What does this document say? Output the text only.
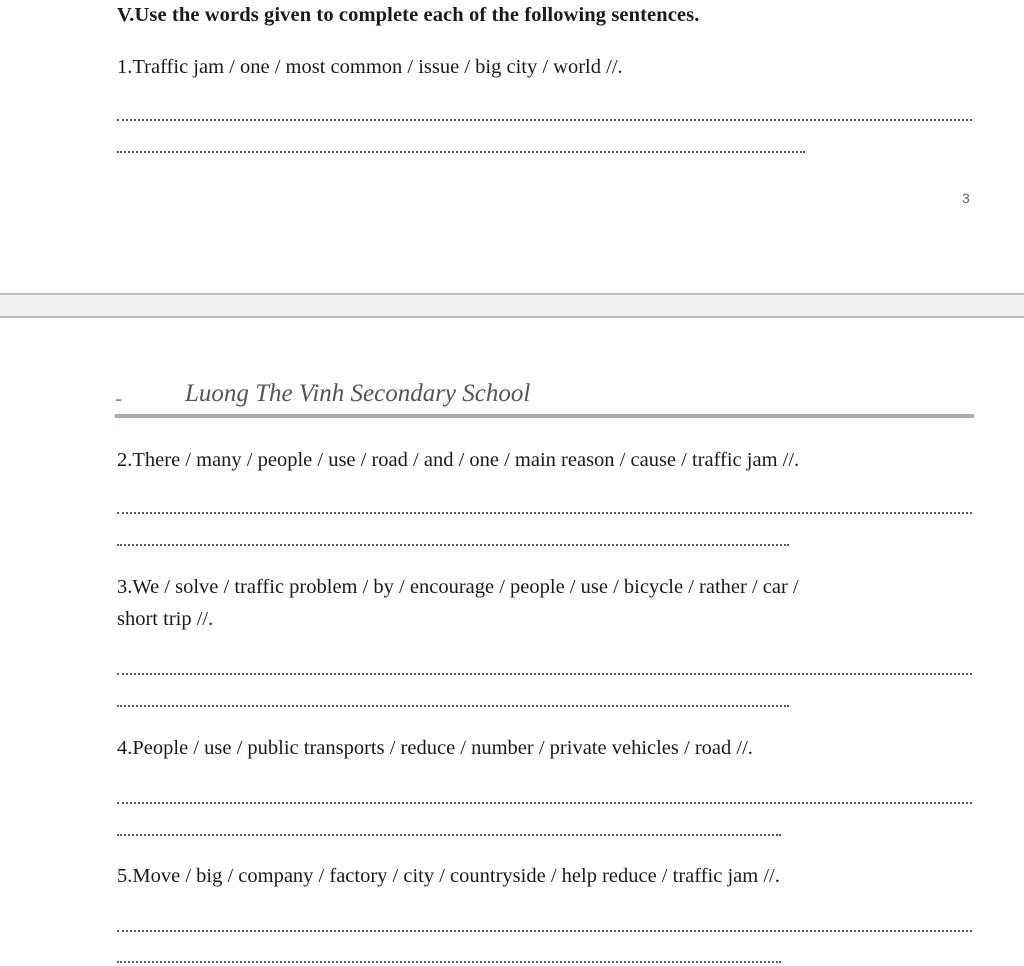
V.Use the words given to complete each of the following sentences.

1.Traffic jam / one / most common / issue / big city / world //.

3
-	Luong The Vinh Secondary School

2.There / many / people / use / road / and / one / main reason / cause / traffic jam //.

3.We / solve / traffic problem / by / encourage / people / use / bicycle / rather / car /

short trip //.

4.People / use / public transports / reduce / number / private vehicles / road //.

5.Move / big / company / factory / city / countryside / help reduce / traffic jam //.
